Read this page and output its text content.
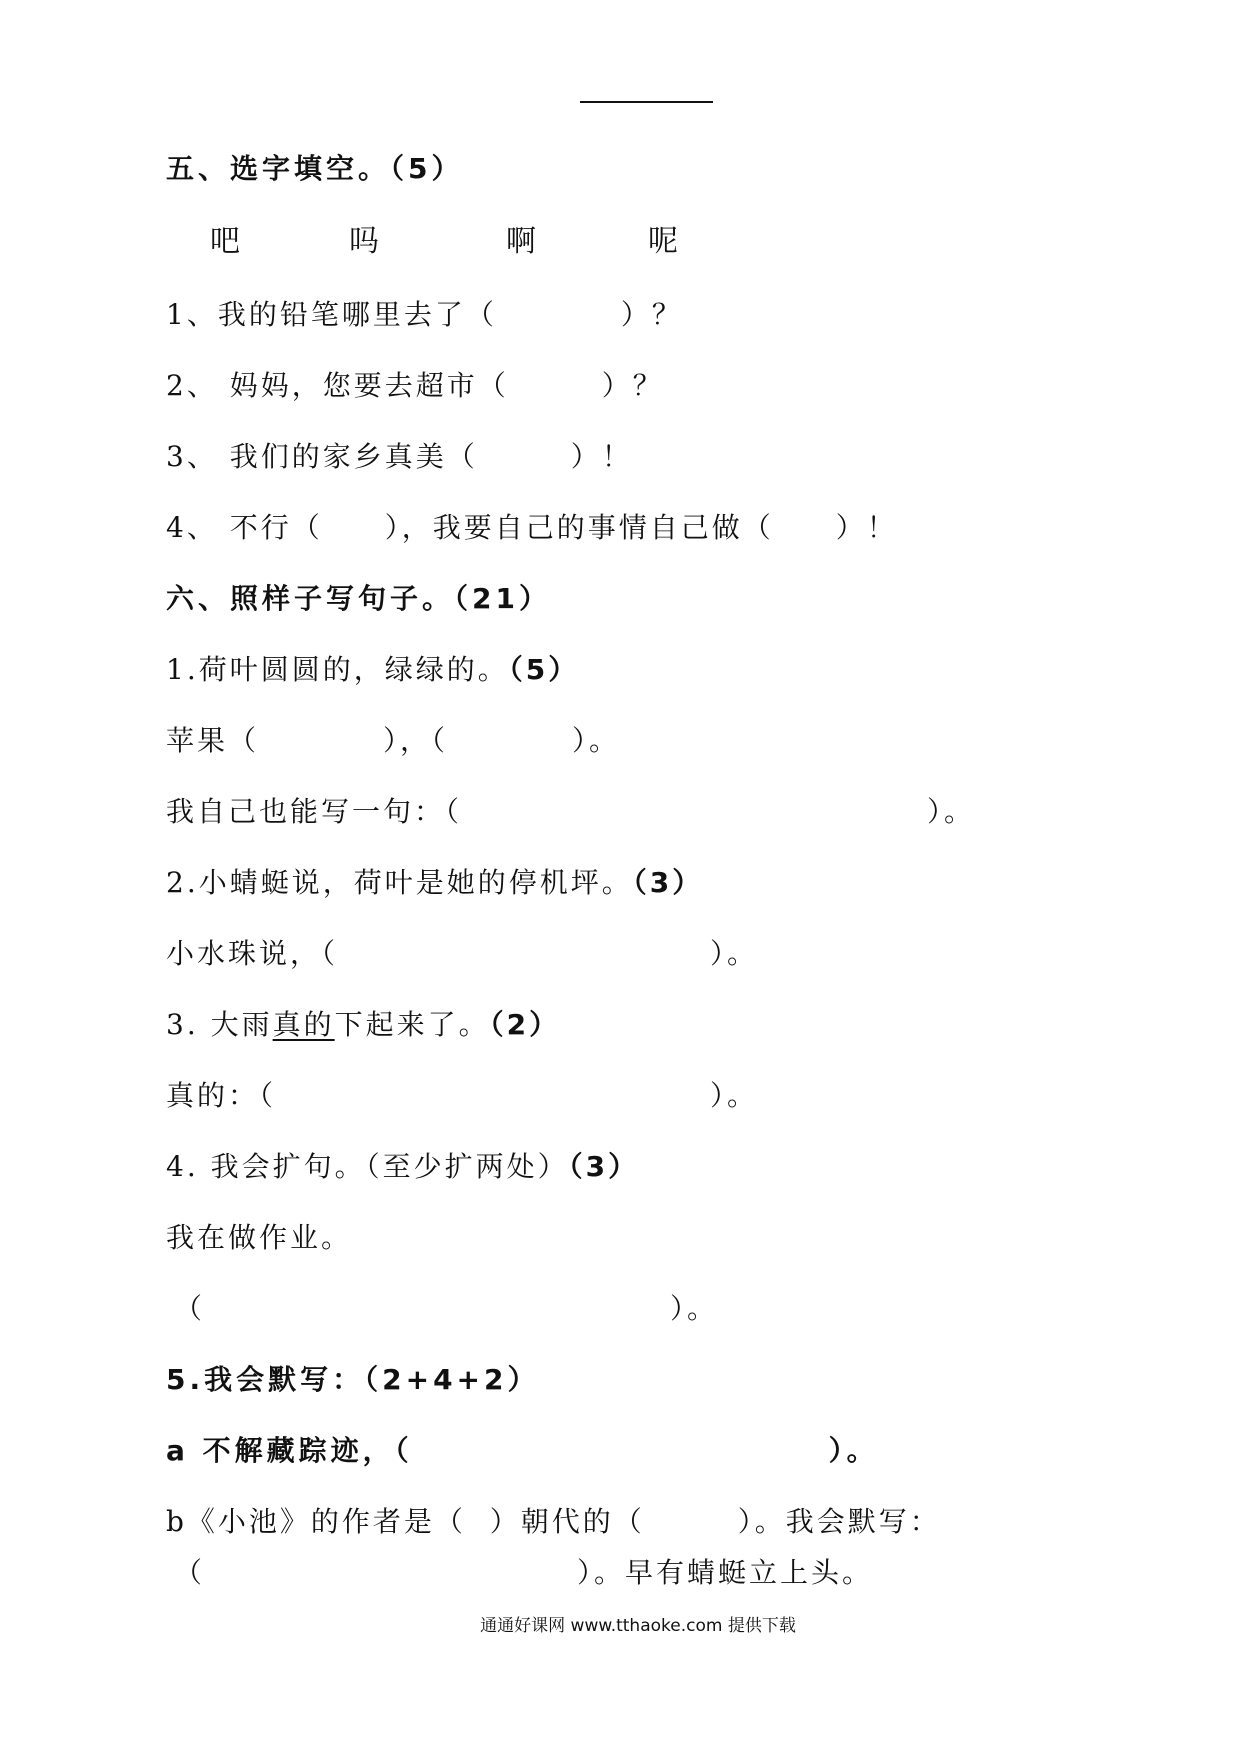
五、选字填空。（5）
吧	吗	啊	呢
1、我的铅笔哪里去了（　　　　）？
2、 妈妈，您要去超市（　　　）？
3、 我们的家乡真美（　　　）！
4、 不行（　　），我要自己的事情自己做（　　）！
六、照样子写句子。（21）
1.荷叶圆圆的，绿绿的。（5）
苹果（　　　　），（　　　　）。
我自己也能写一句：（　　　　　　　　　　　　　　　）。
2.小蜻蜓说，荷叶是她的停机坪。（3）
小水珠说，（　　　　　　　　　　　　）。
3. 大雨真的下起来了。（2）
真的：（　　　　　　　　　　　　　　）。
4. 我会扩句。（至少扩两处）（3）
我在做作业。
（　　　　　　　　　　　　　　　）。
5.我会默写：（2+4+2）
a 不解藏踪迹，（　　　　　　　　　　　　　）。
b《小池》的作者是（  ）朝代的（　　　）。我会默写：
（　　　　　　　　　　　　）。早有蜻蜓立上头。
通通好课网 www.tthaoke.com 提供下载
